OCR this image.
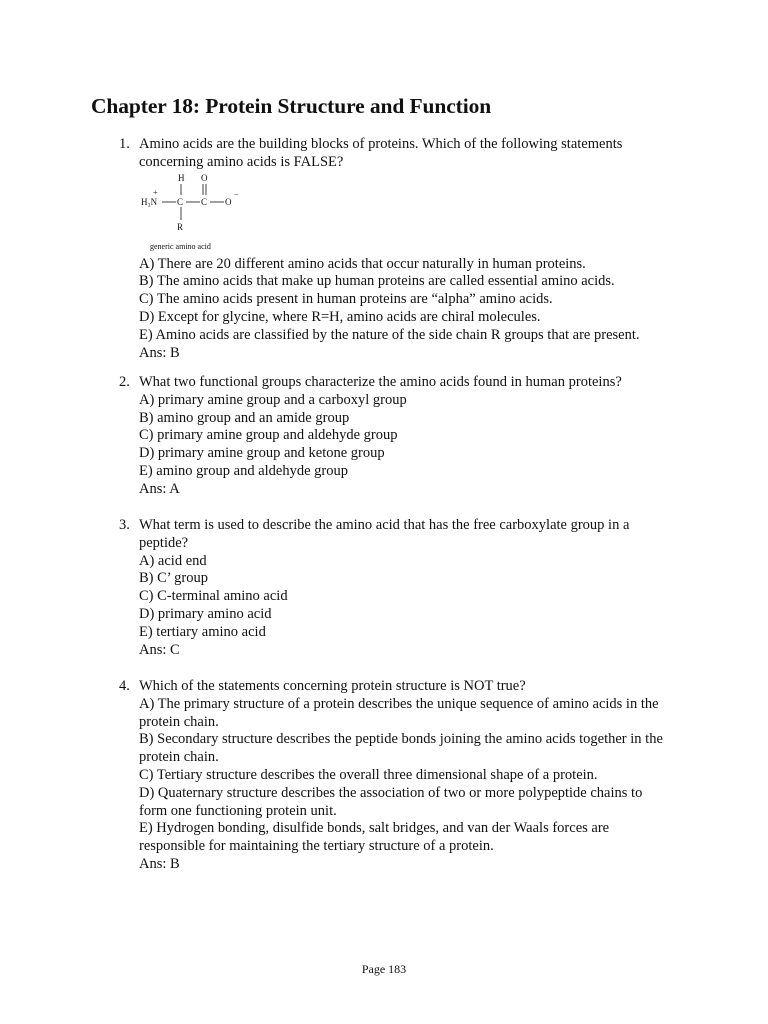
Chapter 18: Protein Structure and Function
1. Amino acids are the building blocks of proteins. Which of the following statements concerning amino acids is FALSE?

H O
+
H₃N C C O
−
R
generic amino acid

A) There are 20 different amino acids that occur naturally in human proteins.

B) The amino acids that make up human proteins are called essential amino acids.

C) The amino acids present in human proteins are “alpha” amino acids.

D) Except for glycine, where R=H, amino acids are chiral molecules.

E) Amino acids are classified by the nature of the side chain R groups that are present.

Ans: B

2. What two functional groups characterize the amino acids found in human proteins?

A) primary amine group and a carboxyl group

B) amino group and an amide group

C) primary amine group and aldehyde group

D) primary amine group and ketone group

E) amino group and aldehyde group

Ans: A

3. What term is used to describe the amino acid that has the free carboxylate group in a peptide?

A) acid end

B) C’ group

C) C-terminal amino acid

D) primary amino acid

E) tertiary amino acid

Ans: C

4. Which of the statements concerning protein structure is NOT true?

A) The primary structure of a protein describes the unique sequence of amino acids in the protein chain.

B) Secondary structure describes the peptide bonds joining the amino acids together in the protein chain.

C) Tertiary structure describes the overall three dimensional shape of a protein.

D) Quaternary structure describes the association of two or more polypeptide chains to form one functioning protein unit.

E) Hydrogen bonding, disulfide bonds, salt bridges, and van der Waals forces are responsible for maintaining the tertiary structure of a protein.

Ans: B

Page 183
